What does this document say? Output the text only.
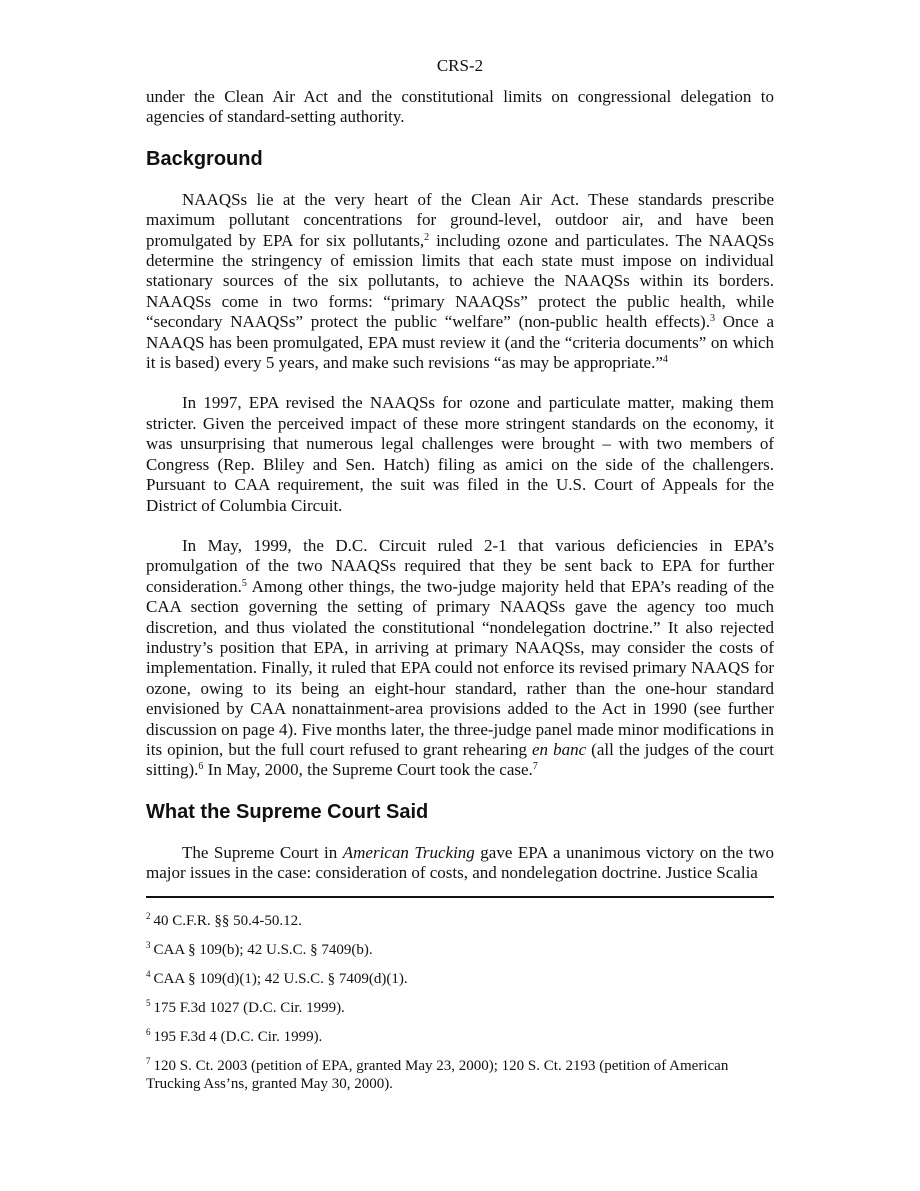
CRS-2

under the Clean Air Act and the constitutional limits on congressional delegation to agencies of standard-setting authority.

Background

NAAQSs lie at the very heart of the Clean Air Act. These standards prescribe maximum pollutant concentrations for ground-level, outdoor air, and have been promulgated by EPA for six pollutants,$^2$ including ozone and particulates. The NAAQSs determine the stringency of emission limits that each state must impose on individual stationary sources of the six pollutants, to achieve the NAAQSs within its borders. NAAQSs come in two forms: “primary NAAQSs” protect the public health, while “secondary NAAQSs” protect the public “welfare” (non-public health effects).$^3$ Once a NAAQS has been promulgated, EPA must review it (and the “criteria documents” on which it is based) every 5 years, and make such revisions “as may be appropriate.”$^4$

In 1997, EPA revised the NAAQSs for ozone and particulate matter, making them stricter. Given the perceived impact of these more stringent standards on the economy, it was unsurprising that numerous legal challenges were brought – with two members of Congress (Rep. Bliley and Sen. Hatch) filing as amici on the side of the challengers. Pursuant to CAA requirement, the suit was filed in the U.S. Court of Appeals for the District of Columbia Circuit.

In May, 1999, the D.C. Circuit ruled 2-1 that various deficiencies in EPA’s promulgation of the two NAAQSs required that they be sent back to EPA for further consideration.$^5$ Among other things, the two-judge majority held that EPA’s reading of the CAA section governing the setting of primary NAAQSs gave the agency too much discretion, and thus violated the constitutional “nondelegation doctrine.” It also rejected industry’s position that EPA, in arriving at primary NAAQSs, may consider the costs of implementation. Finally, it ruled that EPA could not enforce its revised primary NAAQS for ozone, owing to its being an eight-hour standard, rather than the one-hour standard envisioned by CAA nonattainment-area provisions added to the Act in 1990 (see further discussion on page 4). Five months later, the three-judge panel made minor modifications in its opinion, but the full court refused to grant rehearing en banc (all the judges of the court sitting).$^6$ In May, 2000, the Supreme Court took the case.$^7$

What the Supreme Court Said

The Supreme Court in American Trucking gave EPA a unanimous victory on the two major issues in the case: consideration of costs, and nondelegation doctrine. Justice Scalia

$^2$ 40 C.F.R. §§ 50.4-50.12.
$^3$ CAA § 109(b); 42 U.S.C. § 7409(b).
$^4$ CAA § 109(d)(1); 42 U.S.C. § 7409(d)(1).
$^5$ 175 F.3d 1027 (D.C. Cir. 1999).
$^6$ 195 F.3d 4 (D.C. Cir. 1999).
$^7$ 120 S. Ct. 2003 (petition of EPA, granted May 23, 2000); 120 S. Ct. 2193 (petition of American Trucking Ass’ns, granted May 30, 2000).
